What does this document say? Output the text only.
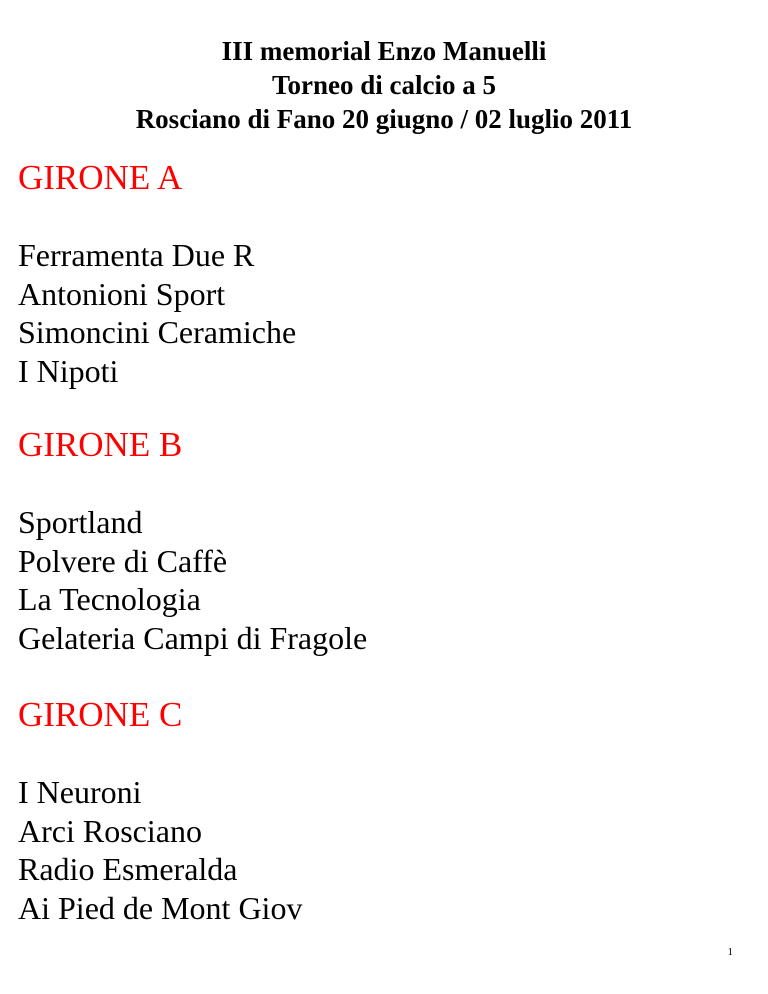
III memorial Enzo Manuelli
Torneo di calcio a 5
Rosciano di Fano 20 giugno / 02 luglio 2011
GIRONE A
Ferramenta Due R
Antonioni Sport
Simoncini Ceramiche
I Nipoti
GIRONE B
Sportland
Polvere di Caffè
La Tecnologia
Gelateria Campi di Fragole
GIRONE C
I Neuroni
Arci Rosciano
Radio Esmeralda
Ai Pied de Mont Giov
1
